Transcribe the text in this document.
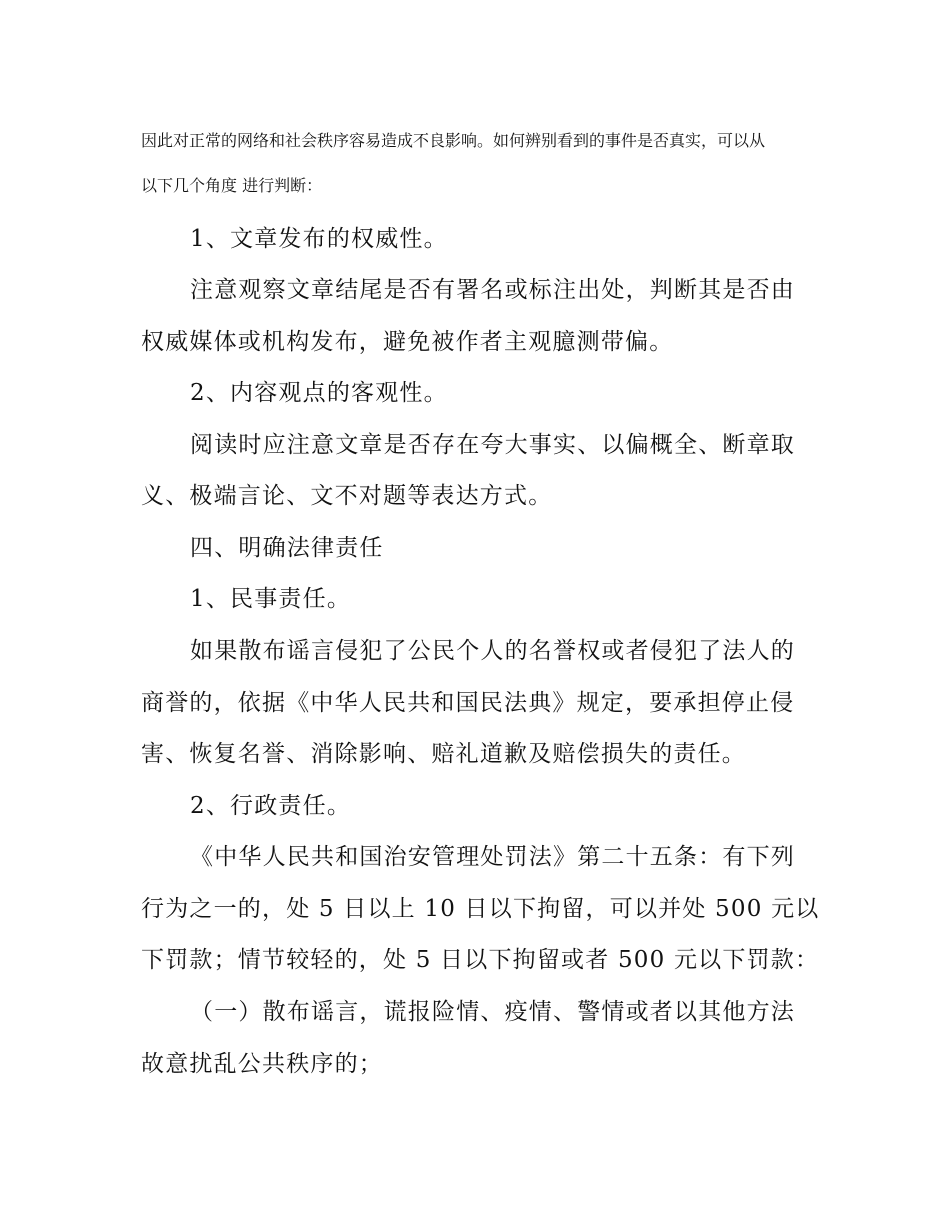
因此对正常的网络和社会秩序容易造成不良影响。如何辨别看到的事件是否真实，可以从
以下几个角度 进行判断：
1、文章发布的权威性。
注意观察文章结尾是否有署名或标注出处，判断其是否由
权威媒体或机构发布，避免被作者主观臆测带偏。
2、内容观点的客观性。
阅读时应注意文章是否存在夸大事实、以偏概全、断章取
义、极端言论、文不对题等表达方式。
四、明确法律责任
1、民事责任。
如果散布谣言侵犯了公民个人的名誉权或者侵犯了法人的
商誉的，依据《中华人民共和国民法典》规定，要承担停止侵
害、恢复名誉、消除影响、赔礼道歉及赔偿损失的责任。
2、行政责任。
《中华人民共和国治安管理处罚法》第二十五条：有下列
行为之一的，处 5 日以上 10 日以下拘留，可以并处 500 元以
下罚款；情节较轻的，处 5 日以下拘留或者 500 元以下罚款：
（一）散布谣言，谎报险情、疫情、警情或者以其他方法
故意扰乱公共秩序的；
